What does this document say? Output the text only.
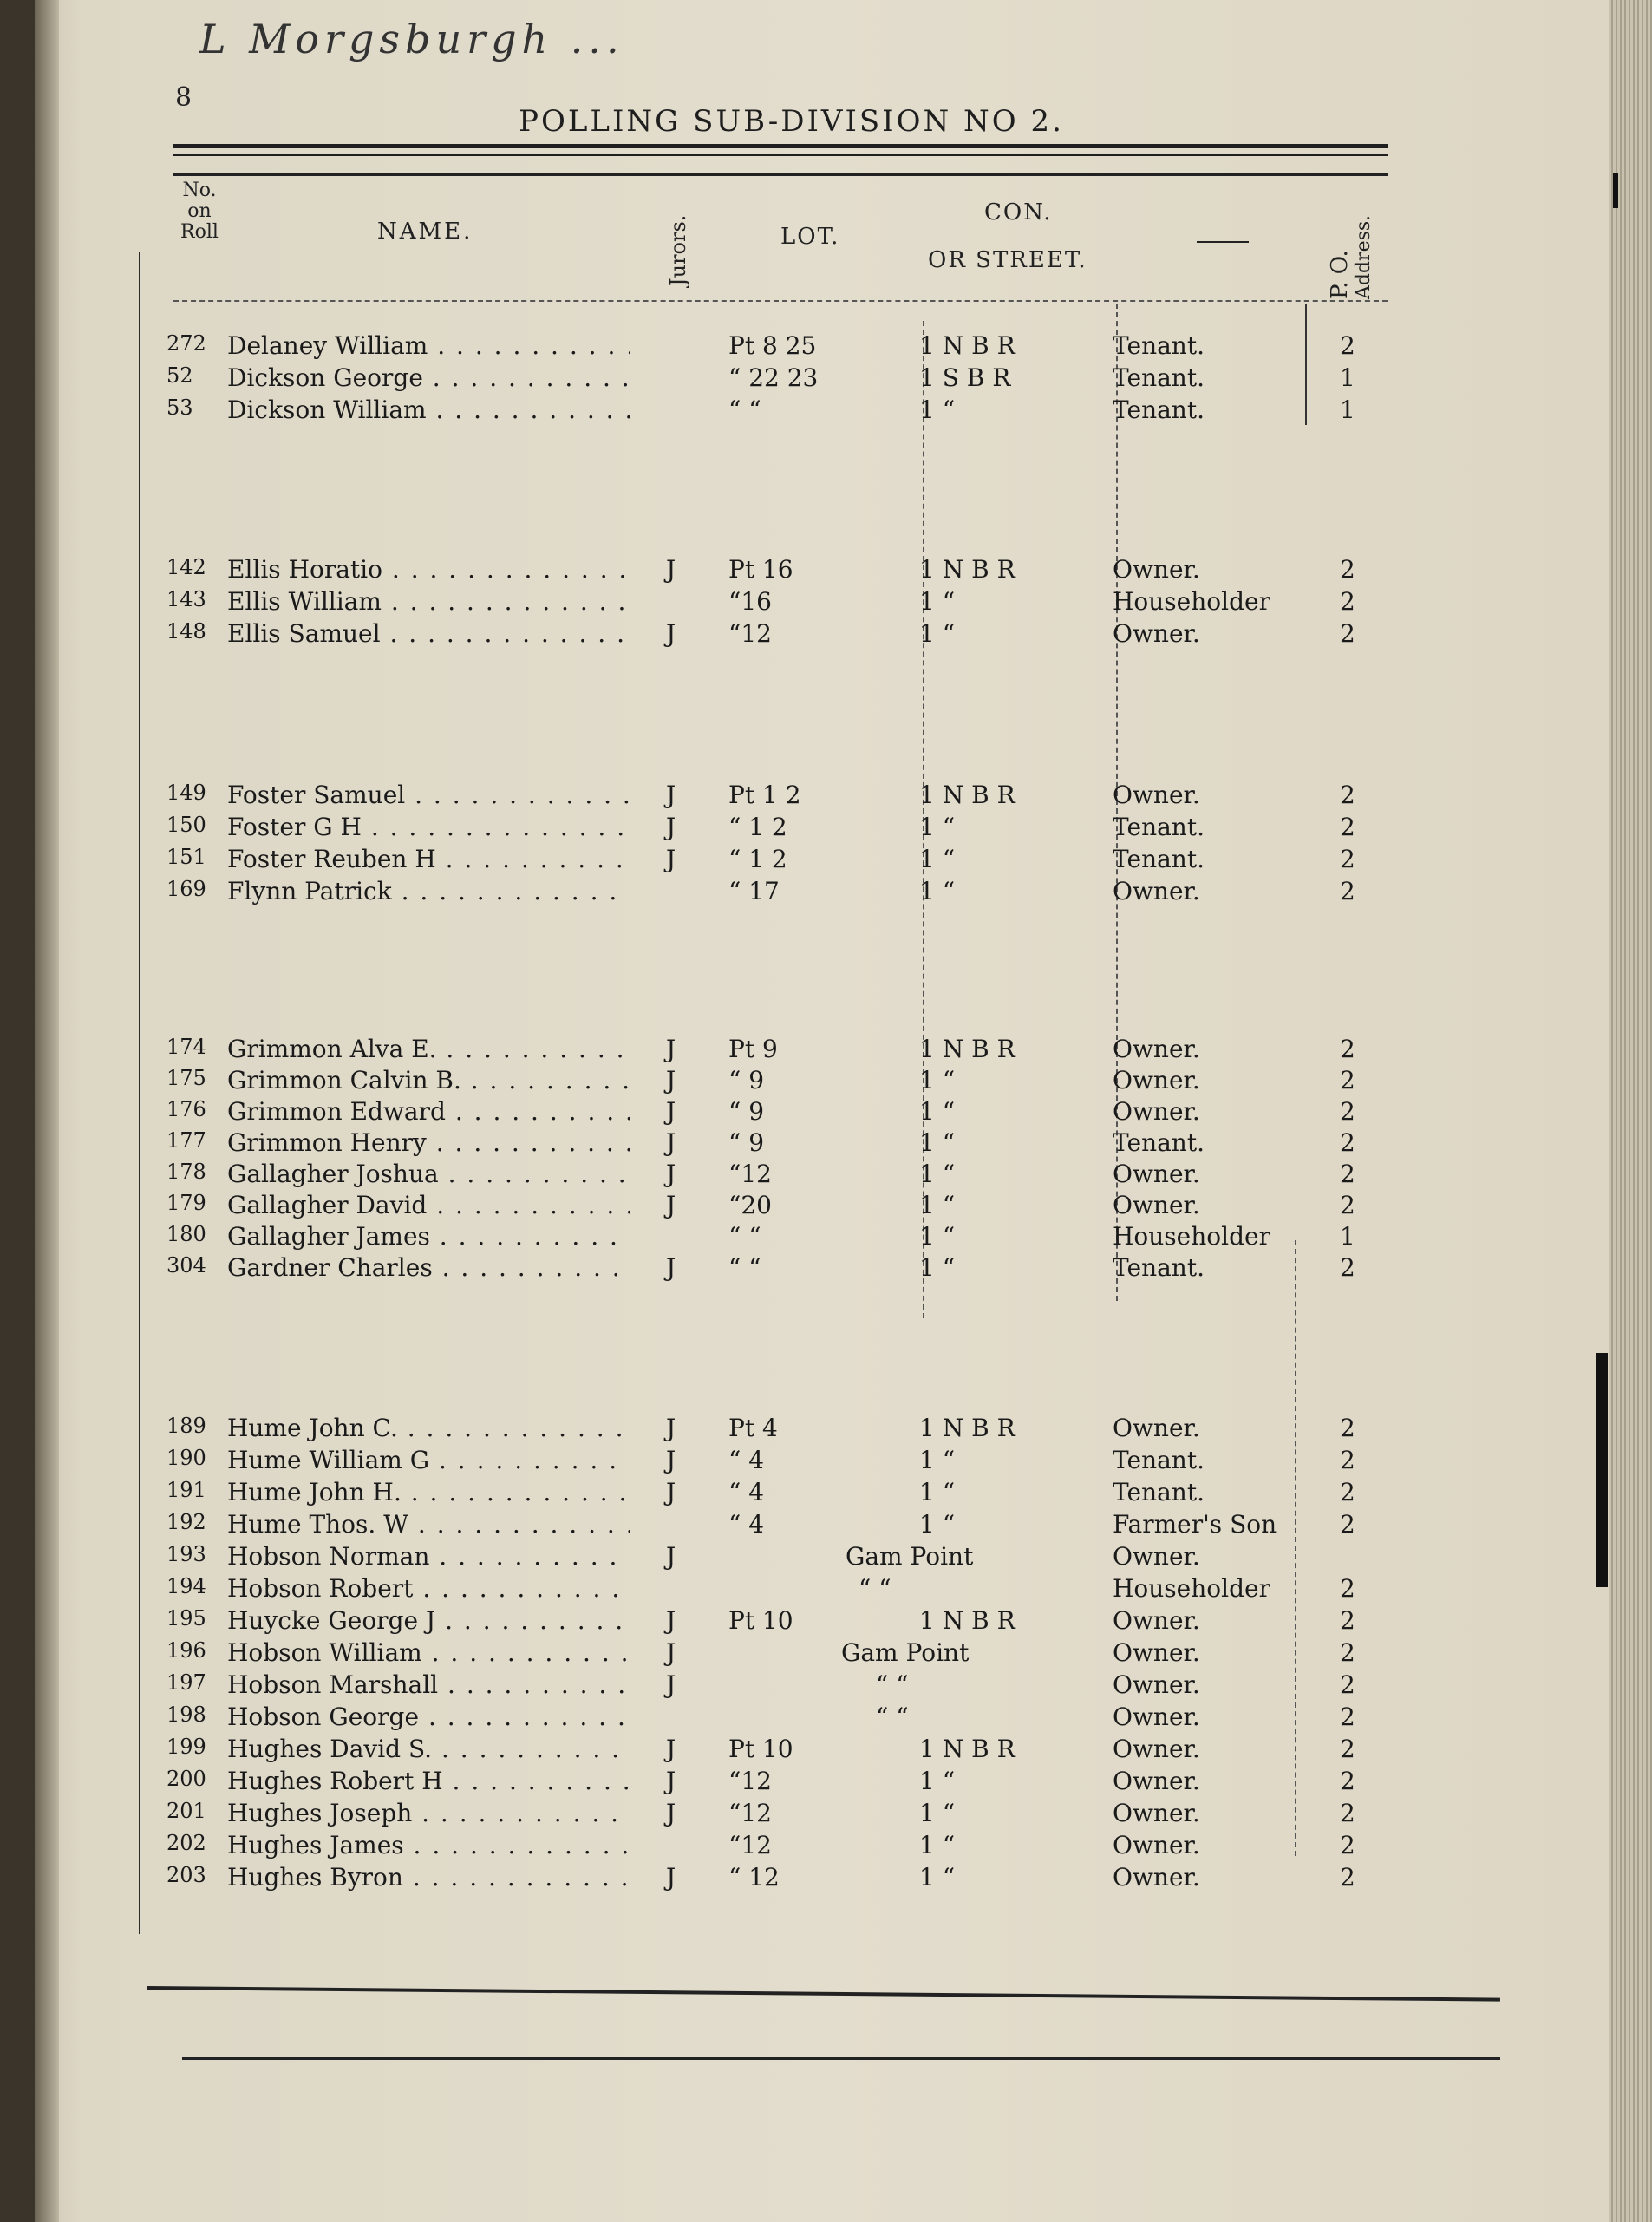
L Morgsburgh ...
8
POLLING SUB-DIVISION NO 2.
No. on Roll	NAME.	Jurors.	LOT.
CON.
OR STREET.	P. O. Address.
272 Delaney William . . .	Pt 8 25	1 N B R	Tenant.	2
52	Dickson George . . .	“ 22 23	1 S B R	Tenant.	1
53	Dickson William . . .	“ “	1 “	Tenant.	1
142 Ellis Horatio . . .	J Pt 16	1 N B R	Owner.	2
143 Ellis William . . .	“16	1 “	Householder	2
148 Ellis Samuel . . .	J “12	1 “	Owner.	2
149 Foster Samuel . . .	J Pt 1 2	1 N B R	Owner.	2
150 Foster G H . . .	J “ 1 2	1 “	Tenant.	2
151 Foster Reuben H . . .	J “ 1 2	1 “	Tenant.	2
169 Flynn Patrick . . .	“ 17	1 “	Owner.	2
174 Grimmon Alva E. . . .	J Pt 9	1 N B R	Owner.	2
175 Grimmon Calvin B. . . .	J “ 9	1 “	Owner.	2
176 Grimmon Edward . . .	J “ 9	1 “	Owner.	2
177 Grimmon Henry . . .	J “ 9	1 “	Tenant.	2
178 Gallagher Joshua . . .	J “12	1 “	Owner.	2
179 Gallagher David . . .	J “20	1 “	Owner.	2
180 Gallagher James . . .	“ “	1 “	Householder	1
304 Gardner Charles . . .	J “ “	1 “	Tenant.	2
189 Hume John C. . . .	J Pt 4	1 N B R	Owner.	2
190 Hume William G . . .	J “ 4	1 “	Tenant.	2
191 Hume John H. . . .	J “ 4	1 “	Tenant.	2
192 Hume Thos. W . . .	“ 4	1 “	Farmer's Son	2
193 Hobson Norman . . .	J	Gam Point	Owner.
194 Hobson Robert . . .	“ “	Householder	2
195 Huycke George J . . .	J Pt 10	1 N B R	Owner.	2
196 Hobson William . . .	J	Gam Point	Owner.	2
197 Hobson Marshall . . .	J	“ “	Owner.	2
198 Hobson George . . .	“ “	Owner.	2
199 Hughes David S. . . .	J Pt 10	1 N B R	Owner.	2
200 Hughes Robert H . . .	J “12	1 “	Owner.	2
201 Hughes Joseph . . .	J “12	1 “	Owner.	2
202 Hughes James . . .	“12	1 “	Owner.	2
203 Hughes Byron . . .	J “ 12	1 “	Owner.	2
